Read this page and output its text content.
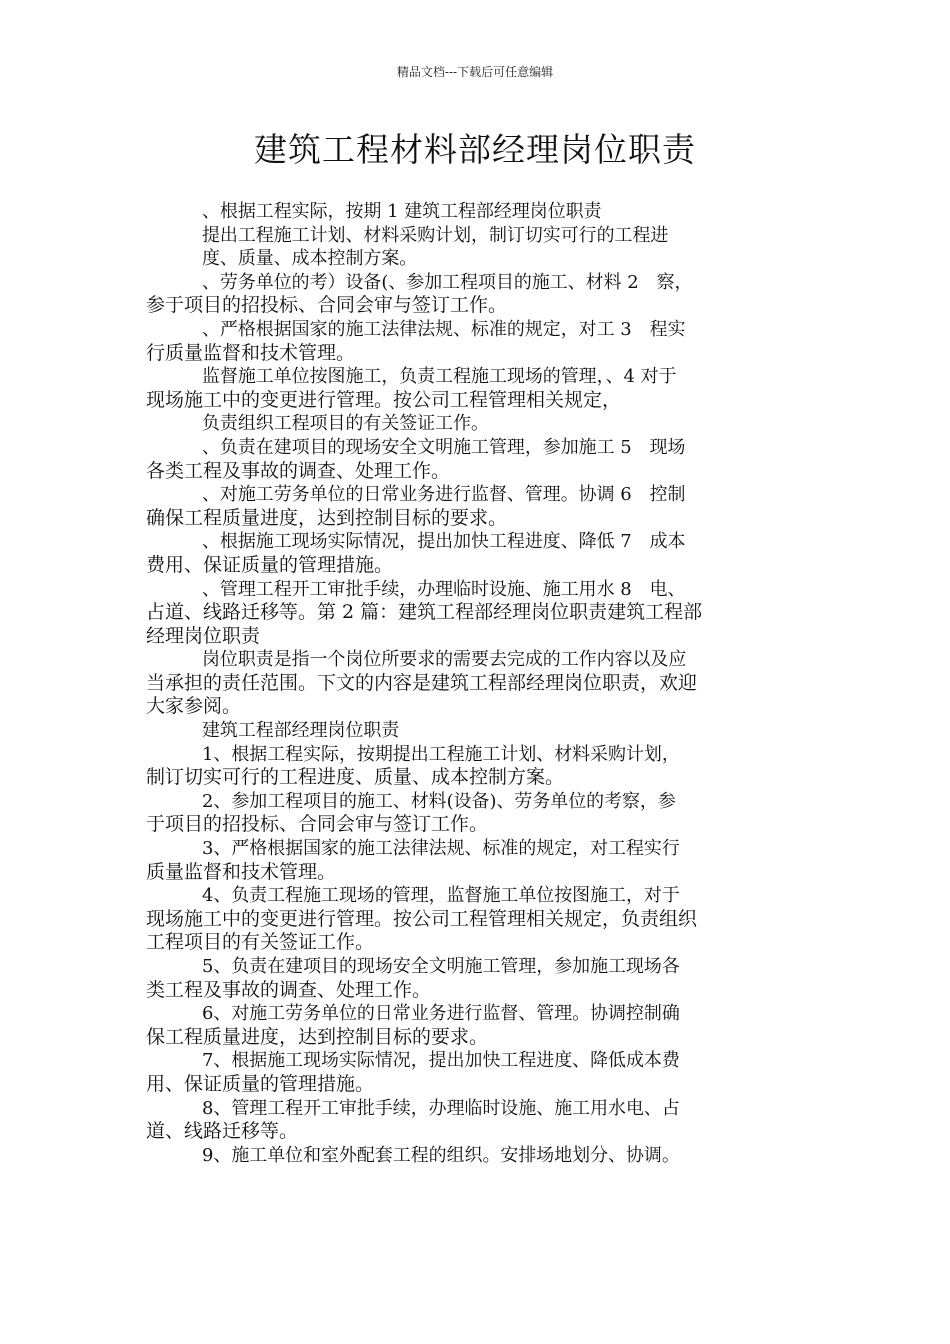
精品文档---下载后可任意编辑
建筑工程材料部经理岗位职责
、根据工程实际，按期 1 建筑工程部经理岗位职责
提出工程施工计划、材料采购计划，制订切实可行的工程进
度、质量、成本控制方案。
、劳务单位的考）设备(、参加工程项目的施工、材料 2　察，
参于项目的招投标、合同会审与签订工作。
、严格根据国家的施工法律法规、标准的规定，对工 3　程实
行质量监督和技术管理。
监督施工单位按图施工，负责工程施工现场的管理，、4 对于
现场施工中的变更进行管理。按公司工程管理相关规定，
负责组织工程项目的有关签证工作。
、负责在建项目的现场安全文明施工管理，参加施工 5　现场
各类工程及事故的调查、处理工作。
、对施工劳务单位的日常业务进行监督、管理。协调 6　控制
确保工程质量进度，达到控制目标的要求。
、根据施工现场实际情况，提出加快工程进度、降低 7　成本
费用、保证质量的管理措施。
、管理工程开工审批手续，办理临时设施、施工用水 8　电、
占道、线路迁移等。第 2 篇：建筑工程部经理岗位职责建筑工程部
经理岗位职责
岗位职责是指一个岗位所要求的需要去完成的工作内容以及应
当承担的责任范围。下文的内容是建筑工程部经理岗位职责，欢迎
大家参阅。
建筑工程部经理岗位职责
1、根据工程实际，按期提出工程施工计划、材料采购计划，
制订切实可行的工程进度、质量、成本控制方案。
2、参加工程项目的施工、材料(设备)、劳务单位的考察，参
于项目的招投标、合同会审与签订工作。
3、严格根据国家的施工法律法规、标准的规定，对工程实行
质量监督和技术管理。
4、负责工程施工现场的管理，监督施工单位按图施工，对于
现场施工中的变更进行管理。按公司工程管理相关规定，负责组织
工程项目的有关签证工作。
5、负责在建项目的现场安全文明施工管理，参加施工现场各
类工程及事故的调查、处理工作。
6、对施工劳务单位的日常业务进行监督、管理。协调控制确
保工程质量进度，达到控制目标的要求。
7、根据施工现场实际情况，提出加快工程进度、降低成本费
用、保证质量的管理措施。
8、管理工程开工审批手续，办理临时设施、施工用水电、占
道、线路迁移等。
9、施工单位和室外配套工程的组织。安排场地划分、协调。
